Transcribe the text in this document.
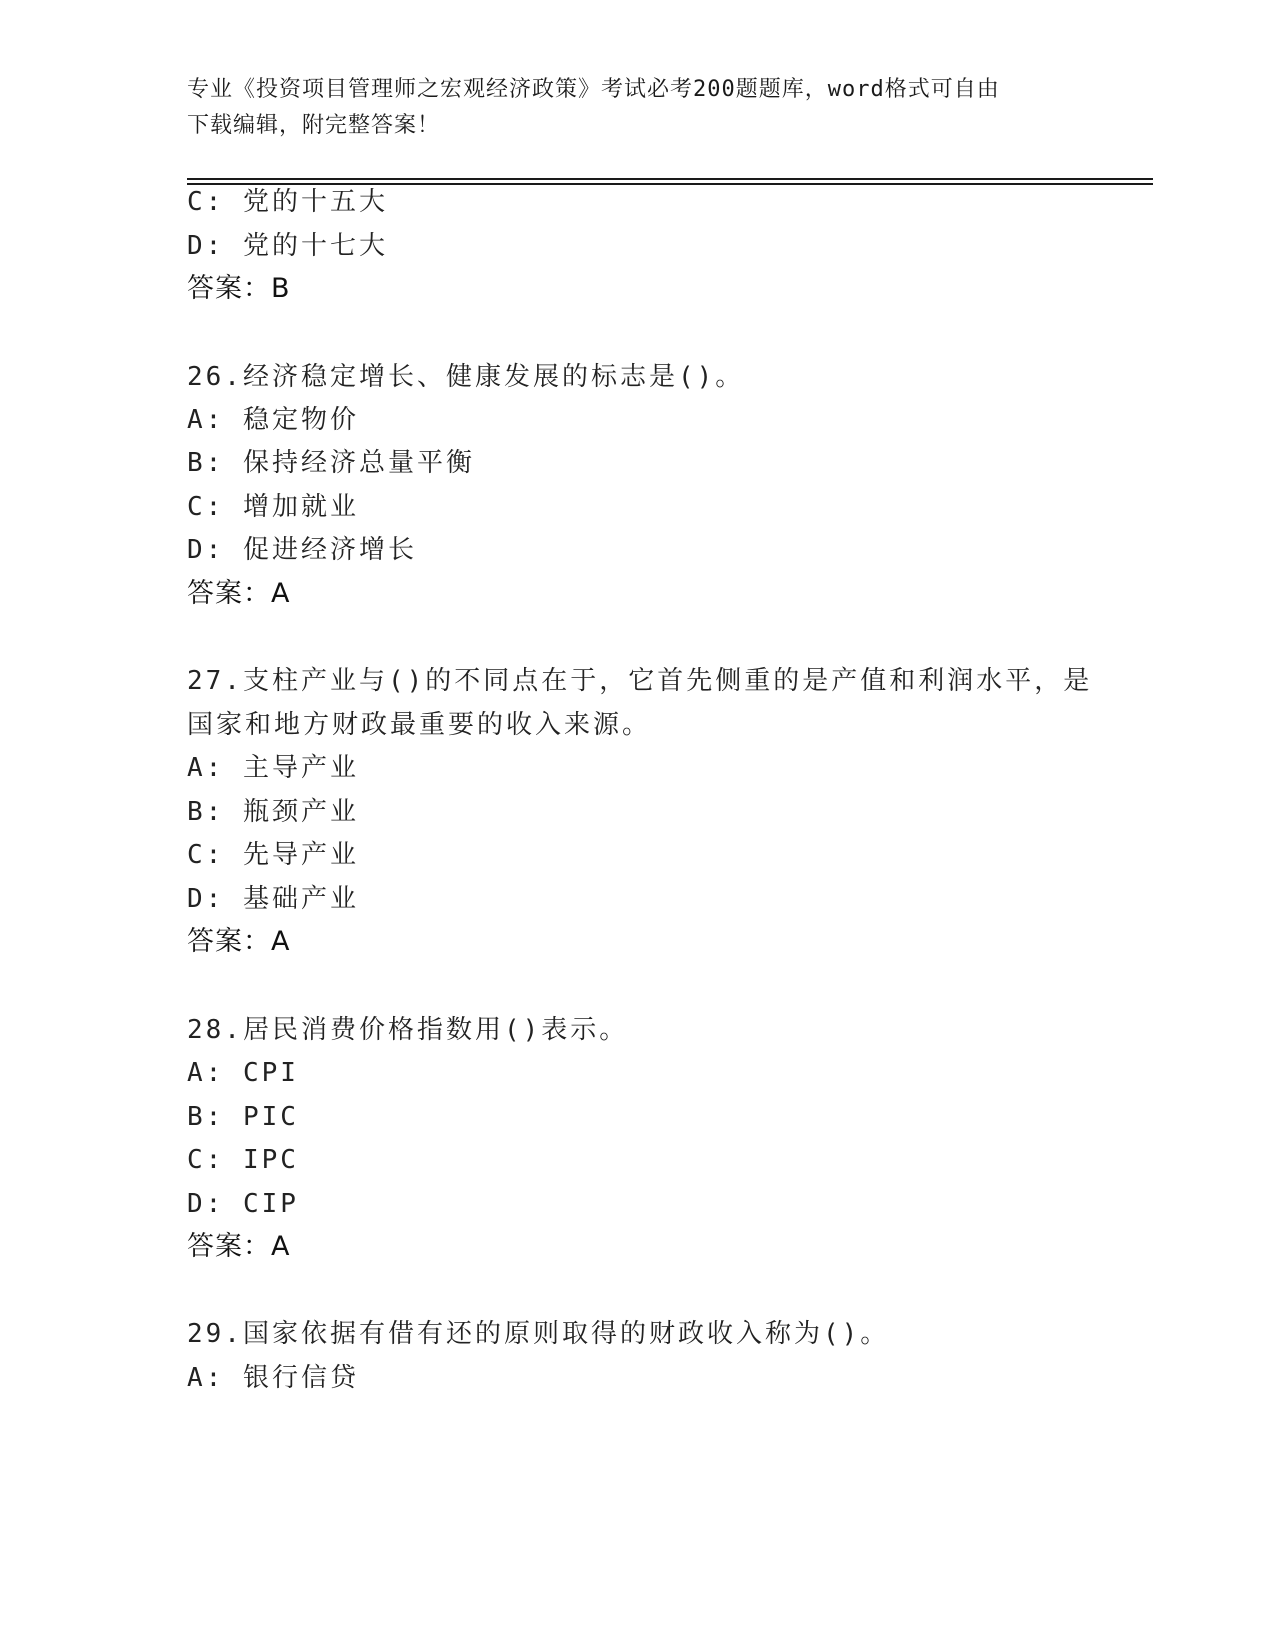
专业《投资项目管理师之宏观经济政策》考试必考200题题库，word格式可自由
下载编辑，附完整答案！
C: 党的十五大
D: 党的十七大
答案：B
26.经济稳定增长、健康发展的标志是()。
A: 稳定物价
B: 保持经济总量平衡
C: 增加就业
D: 促进经济增长
答案：A
27.支柱产业与()的不同点在于，它首先侧重的是产值和利润水平，是
国家和地方财政最重要的收入来源。
A: 主导产业
B: 瓶颈产业
C: 先导产业
D: 基础产业
答案：A
28.居民消费价格指数用()表示。
A: CPI
B: PIC
C: IPC
D: CIP
答案：A
29.国家依据有借有还的原则取得的财政收入称为()。
A: 银行信贷
